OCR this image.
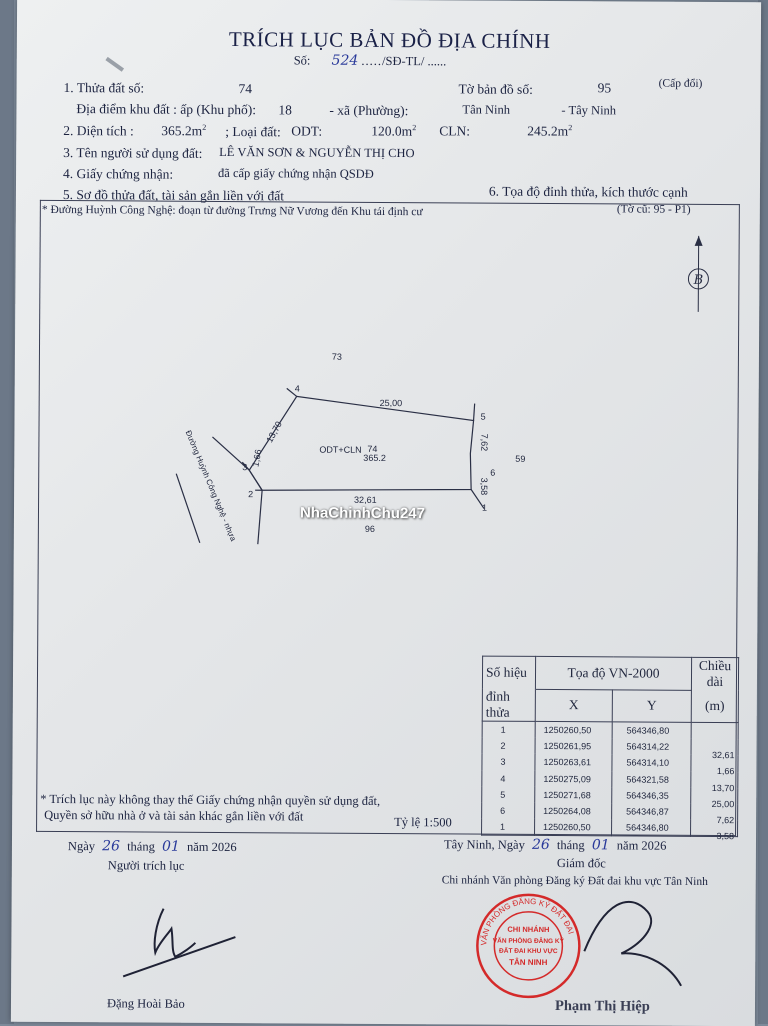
TRÍCH LỤC BẢN ĐỒ ĐỊA CHÍNH
Số: 524 ...../SĐ-TL/ ......
1. Thửa đất số:	74	Tờ bản đồ số:	95	(Cấp đổi)
Địa điểm khu đất : ấp (Khu phố): 18	- xã (Phường):	Tân Ninh	- Tây Ninh
2. Diện tích : $365.2m^2$ ; Loại đất: ODT:	$120.0m^2$ CLN:	$245.2m^2$
3. Tên người sử dụng đất: LÊ VĂN SƠN & NGUYỄN THỊ CHO
4. Giấy chứng nhận:	đã cấp giấy chứng nhận QSDĐ
5. Sơ đồ thửa đất, tài sản gắn liền với đất	6. Tọa độ đỉnh thửa, kích thước cạnh
* Đường Huỳnh Công Nghệ: đoạn từ đường Trưng Nữ Vương đến Khu tái định cư	(Tờ cũ: 95 - P1)
B
73
59
96
ODT+CLN 74
365.2
25,00
32,61
13,70
1,66
7,62
3,58
4
5
6
1
2
3
Đường Huỳnh Công Nghệ - nhựa	NhaChinhChu247
Số hiệu	Tọa độ VN-2000		Chiều dài
đỉnh thửa	X	Y	(m)
1	1250260,50	564346,80	
2	1250261,95	564314,22	32,61
3	1250263,61	564314,10	1,66
4	1250275,09	564321,58	13,70
5	1250271,68	564346,35	25,00
6	1250264,08	564346,87	7,62
1	1250260,50	564346,80	3,58
* Trích lục này không thay thế Giấy chứng nhận quyền sử dụng đất,
Quyền sở hữu nhà ở và tài sản khác gắn liền với đất	Tỷ lệ 1:500
Ngày 26 tháng 01 năm 2026
Người trích lục
Đặng Hoài Bảo
Tây Ninh, Ngày 26 tháng 01 năm 2026
Giám đốc
Chi nhánh Văn phòng Đăng ký Đất đai khu vực Tân Ninh
VĂN PHÒNG ĐĂNG KÝ ĐẤT ĐAI
CHI NHÁNH
VĂN PHÒNG ĐĂNG KÝ
ĐẤT ĐAI KHU VỰC
TÂN NINH
Phạm Thị Hiệp
